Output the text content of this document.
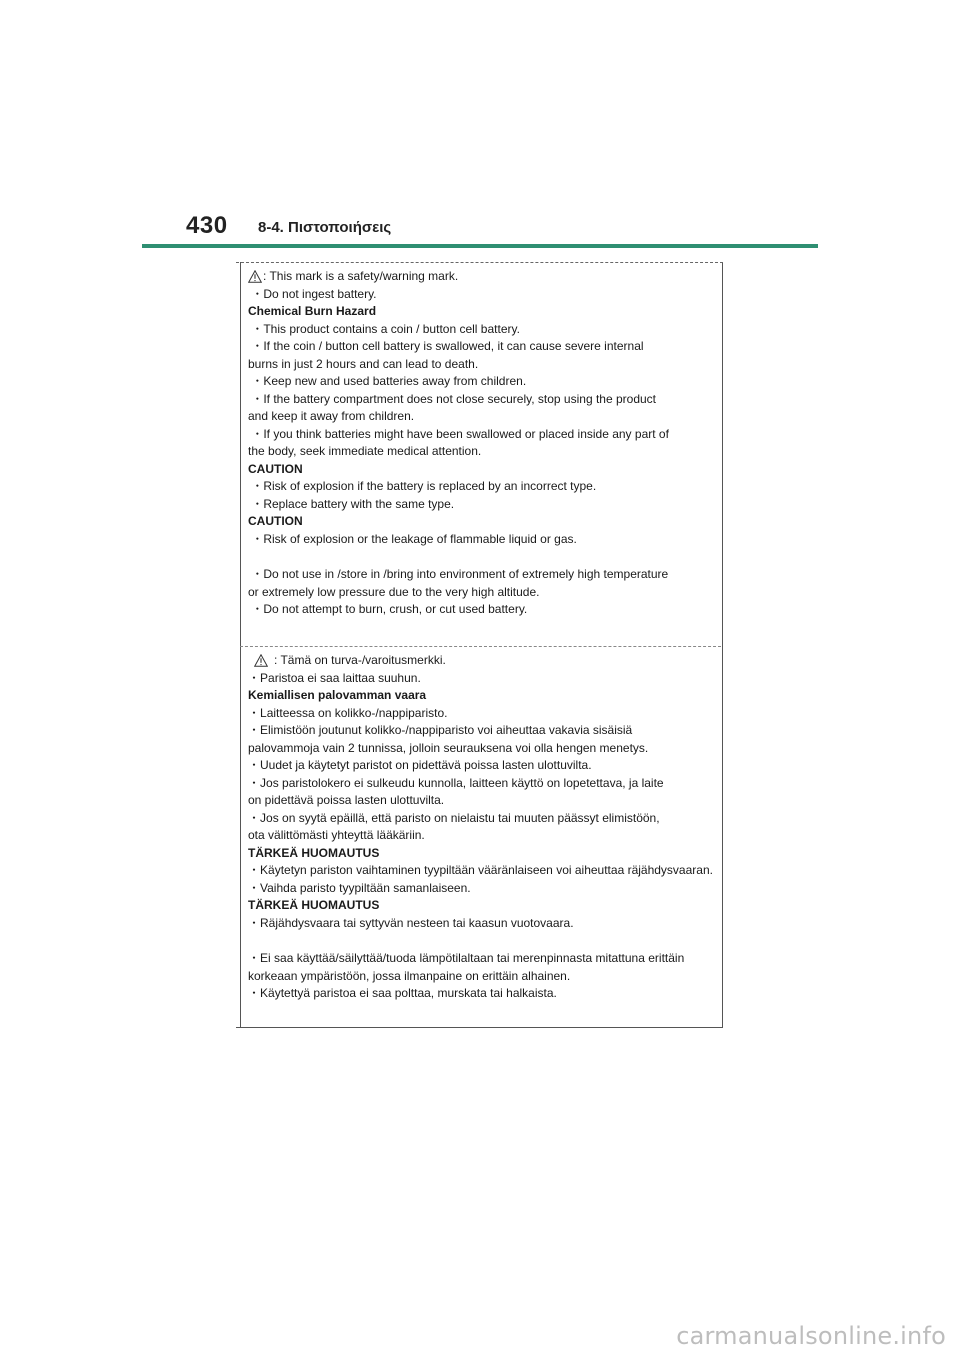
430 8-4. Πιστοποιήσεις
: This mark is a safety/warning mark.
・Do not ingest battery.
Chemical Burn Hazard
・This product contains a coin / button cell battery.
・If the coin / button cell battery is swallowed, it can cause severe internal
burns in just 2 hours and can lead to death.
・Keep new and used batteries away from children.
・If the battery compartment does not close securely, stop using the product
and keep it away from children.
・If you think batteries might have been swallowed or placed inside any part of
the body, seek immediate medical attention.
CAUTION
・Risk of explosion if the battery is replaced by an incorrect type.
・Replace battery with the same type.
CAUTION
・Risk of explosion or the leakage of flammable liquid or gas.
・Do not use in /store in /bring into environment of extremely high temperature
or extremely low pressure due to the very high altitude.
・Do not attempt to burn, crush, or cut used battery.
: Tämä on turva-/varoitusmerkki.
・Paristoa ei saa laittaa suuhun.
Kemiallisen palovamman vaara
・Laitteessa on kolikko-/nappiparisto.
・Elimistöön joutunut kolikko-/nappiparisto voi aiheuttaa vakavia sisäisiä
palovammoja vain 2 tunnissa, jolloin seurauksena voi olla hengen menetys.
・Uudet ja käytetyt paristot on pidettävä poissa lasten ulottuvilta.
・Jos paristolokero ei sulkeudu kunnolla, laitteen käyttö on lopetettava, ja laite
on pidettävä poissa lasten ulottuvilta.
・Jos on syytä epäillä, että paristo on nielaistu tai muuten päässyt elimistöön,
ota välittömästi yhteyttä lääkäriin.
TÄRKEÄ HUOMAUTUS
・Käytetyn pariston vaihtaminen tyypiltään vääränlaiseen voi aiheuttaa räjähdysvaaran.
・Vaihda paristo tyypiltään samanlaiseen.
TÄRKEÄ HUOMAUTUS
・Räjähdysvaara tai syttyvän nesteen tai kaasun vuotovaara.
・Ei saa käyttää/säilyttää/tuoda lämpötilaltaan tai merenpinnasta mitattuna erittäin
korkeaan ympäristöön, jossa ilmanpaine on erittäin alhainen.
・Käytettyä paristoa ei saa polttaa, murskata tai halkaista.
carmanualsonline.info
